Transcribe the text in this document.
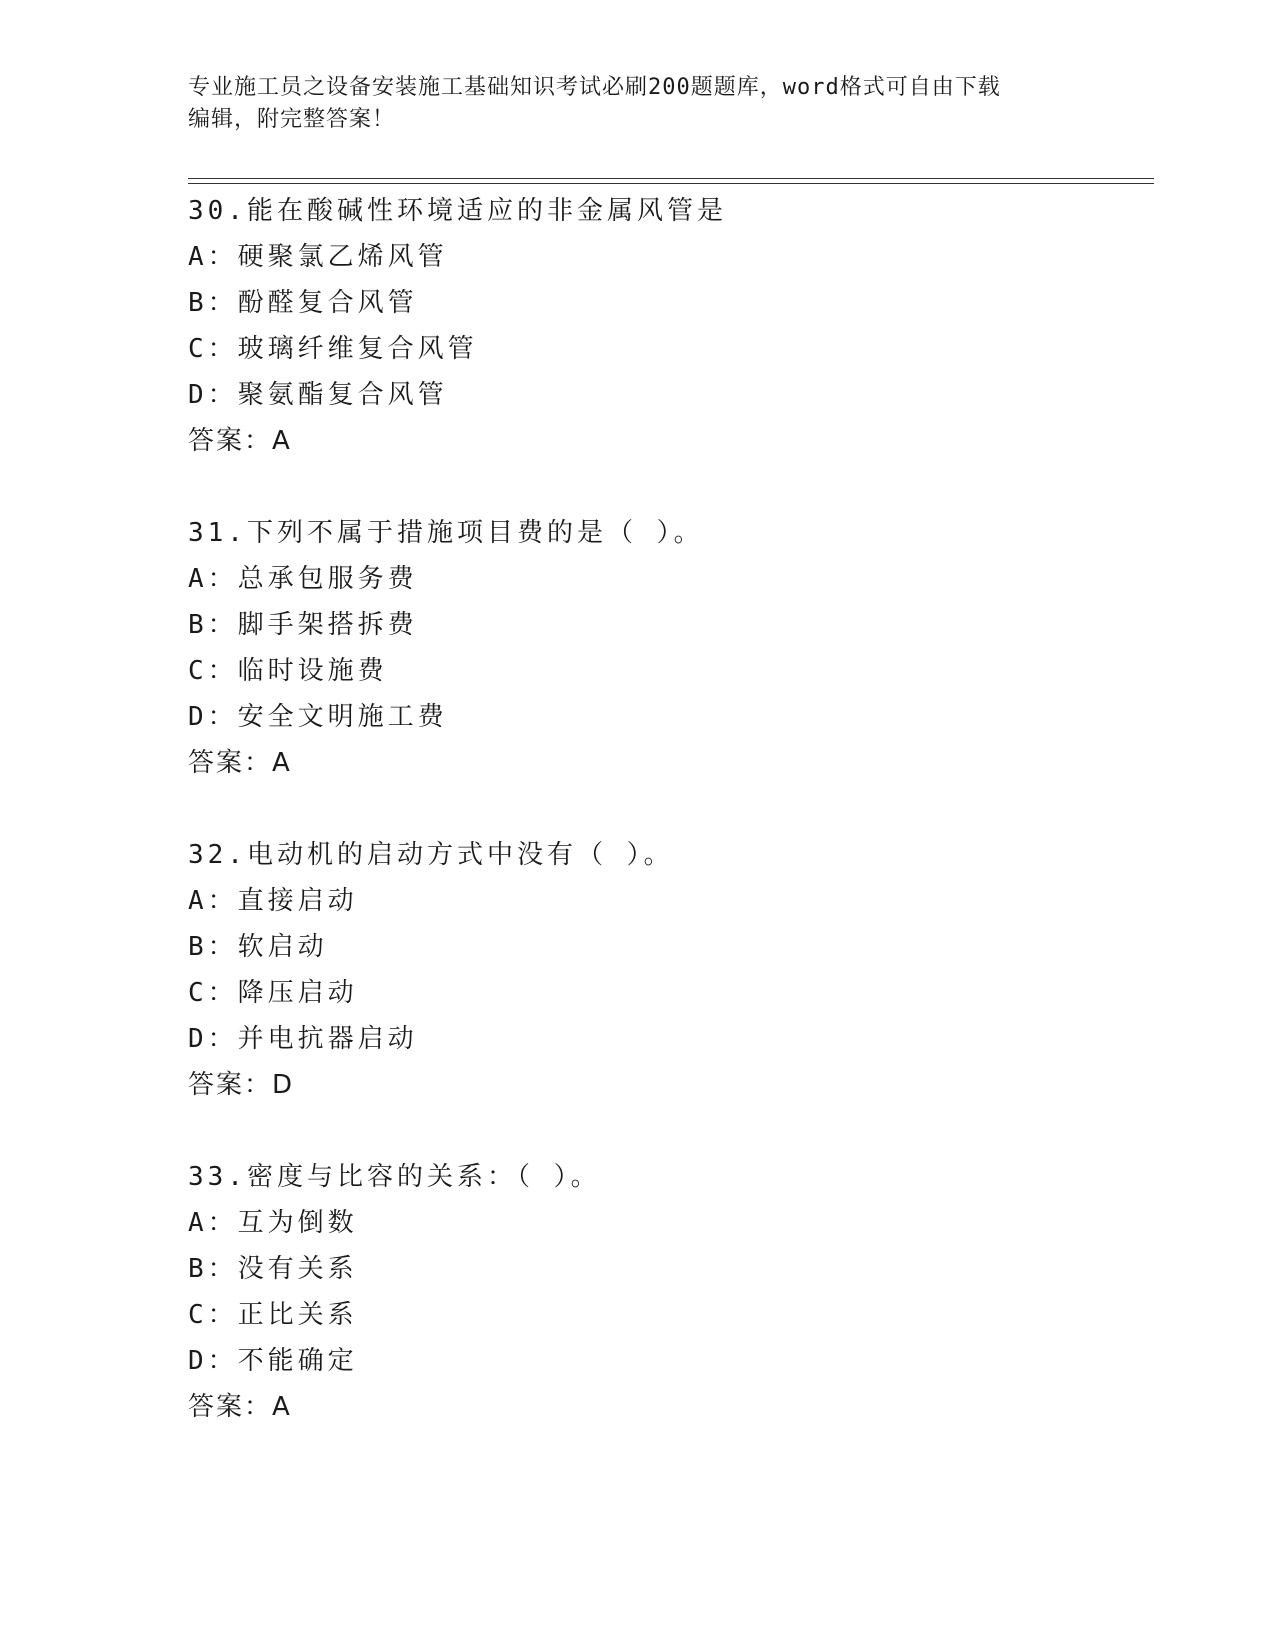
专业施工员之设备安装施工基础知识考试必刷200题题库，word格式可自由下载
编辑，附完整答案！
30.能在酸碱性环境适应的非金属风管是
A：硬聚氯乙烯风管
B：酚醛复合风管
C：玻璃纤维复合风管
D：聚氨酯复合风管
答案：A
31.下列不属于措施项目费的是（ ）。
A：总承包服务费
B：脚手架搭拆费
C：临时设施费
D：安全文明施工费
答案：A
32.电动机的启动方式中没有（ ）。
A：直接启动
B：软启动
C：降压启动
D：并电抗器启动
答案：D
33.密度与比容的关系：（ ）。
A：互为倒数
B：没有关系
C：正比关系
D：不能确定
答案：A
